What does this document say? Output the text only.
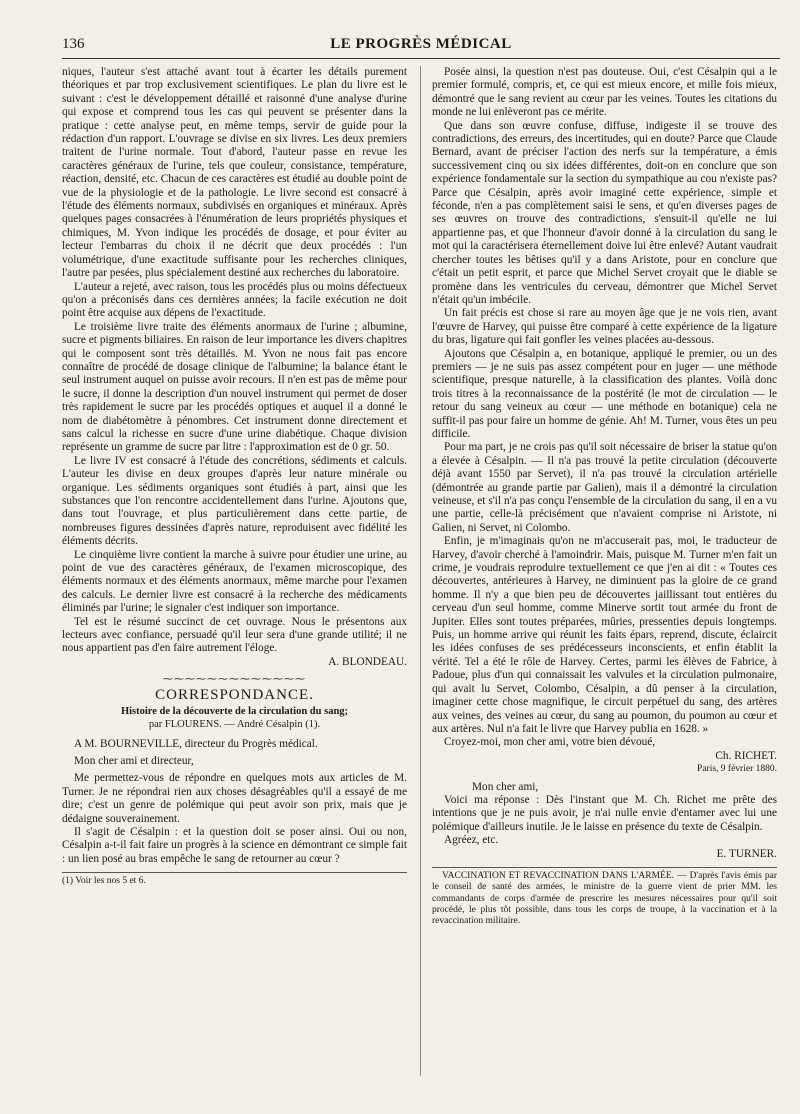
136	LE PROGRÈS MÉDICAL

niques, l'auteur s'est attaché avant tout à écarter les détails purement théoriques et par trop exclusivement scientifiques. Le plan du livre est le suivant : c'est le développement détaillé et raisonné d'une analyse d'urine qui expose et comprend tous les cas qui peuvent se présenter dans la pratique : cette analyse peut, en même temps, servir de guide pour la rédaction d'un rapport. L'ouvrage se divise en six livres. Les deux premiers traitent de l'urine normale. Tout d'abord, l'auteur passe en revue les caractères généraux de l'urine, tels que couleur, consistance, température, réaction, densité, etc. Chacun de ces caractères est étudié au double point de vue de la physiologie et de la pathologie. Le livre second est consacré à l'étude des éléments normaux, subdivisés en organiques et minéraux. Après quelques pages consacrées à l'énumération de leurs propriétés physiques et chimiques, M. Yvon indique les procédés de dosage, et pour éviter au lecteur l'embarras du choix il ne décrit que deux procédés : l'un volumétrique, d'une exactitude suffisante pour les recherches cliniques, l'autre par pesées, plus spécialement destiné aux recherches du laboratoire.

L'auteur a rejeté, avec raison, tous les procédés plus ou moins défectueux qu'on a préconisés dans ces dernières années; la facile exécution ne doit point être acquise aux dépens de l'exactitude.

Le troisième livre traite des éléments anormaux de l'urine ; albumine, sucre et pigments biliaires. En raison de leur importance les divers chapitres qui le composent sont très détaillés. M. Yvon ne nous fait pas encore connaître de procédé de dosage clinique de l'albumine; la balance étant le seul instrument auquel on puisse avoir recours. Il n'en est pas de même pour le sucre, il donne la description d'un nouvel instrument qui permet de doser très rapidement le sucre par les procédés optiques et auquel il a donné le nom de diabétomètre à pénombres. Cet instrument donne directement et sans calcul la richesse en sucre d'une urine diabétique. Chaque division représente un gramme de sucre par litre : l'approximation est de 0 gr. 50.

Le livre IV est consacré à l'étude des concrétions, sédiments et calculs. L'auteur les divise en deux groupes d'après leur nature minérale ou organique. Les sédiments organiques sont étudiés à part, ainsi que les substances que l'on rencontre accidentellement dans l'urine. Ajoutons que, dans tout l'ouvrage, et plus particulièrement dans cette partie, de nombreuses figures dessinées d'après nature, reproduisent avec fidélité les éléments décrits.

Le cinquième livre contient la marche à suivre pour étudier une urine, au point de vue des caractères généraux, de l'examen microscopique, des éléments normaux et des éléments anormaux, même marche pour l'examen des calculs. Le dernier livre est consacré à la recherche des médicaments éliminés par l'urine; le signaler c'est indiquer son importance.

Tel est le résumé succinct de cet ouvrage. Nous le présentons aux lecteurs avec confiance, persuadé qu'il leur sera d'une grande utilité; il ne nous appartient pas d'en faire autrement l'éloge.

A. BLONDEAU.

⁓⁓⁓⁓⁓⁓⁓⁓⁓⁓⁓⁓⁓
CORRESPONDANCE.
Histoire de la découverte de la circulation du sang;
par FLOURENS. — André Césalpin (1).

A M. BOURNEVILLE, directeur du Progrès médical.

Mon cher ami et directeur,

Me permettez-vous de répondre en quelques mots aux articles de M. Turner. Je ne répondrai rien aux choses désagréables qu'il a essayé de me dire; c'est un genre de polémique qui peut avoir son prix, mais que je dédaigne souverainement.

Il s'agit de Césalpin : et la question doit se poser ainsi. Oui ou non, Césalpin a-t-il fait faire un progrès à la science en démontrant ce simple fait : un lien posé au bras empêche le sang de retourner au cœur ?

(1) Voir les nos 5 et 6.

Posée ainsi, la question n'est pas douteuse. Oui, c'est Césalpin qui a le premier formulé, compris, et, ce qui est mieux encore, et mille fois mieux, démontré que le sang revient au cœur par les veines. Toutes les citations du monde ne lui enlèveront pas ce mérite.

Que dans son œuvre confuse, diffuse, indigeste il se trouve des contradictions, des erreurs, des incertitudes, qui en doute? Parce que Claude Bernard, avant de préciser l'action des nerfs sur la température, a émis successivement cinq ou six idées différentes, doit-on en conclure que son expérience fondamentale sur la section du sympathique au cou n'existe pas? Parce que Césalpin, après avoir imaginé cette expérience, simple et féconde, n'en a pas complètement saisi le sens, et qu'en diverses pages de ses œuvres on trouve des contradictions, s'ensuit-il qu'elle ne lui appartienne pas, et que l'honneur d'avoir donné à la circulation du sang le mot qui la caractérisera éternellement doive lui être enlevé? Autant vaudrait chercher toutes les bêtises qu'il y a dans Aristote, pour en conclure que c'était un petit esprit, et parce que Michel Servet croyait que le diable se promène dans les ventricules du cerveau, démontrer que Michel Servet n'était qu'un imbécile.

Un fait précis est chose si rare au moyen âge que je ne vois rien, avant l'œuvre de Harvey, qui puisse être comparé à cette expérience de la ligature du bras, ligature qui fait gonfler les veines placées au-dessous.

Ajoutons que Césalpin a, en botanique, appliqué le premier, ou un des premiers — je ne suis pas assez compétent pour en juger — une méthode scientifique, presque naturelle, à la classification des plantes. Voilà donc trois titres à la reconnaissance de la postérité (le mot de circulation — le retour du sang veineux au cœur — une méthode en botanique) cela ne suffit-il pas pour faire un homme de génie. Ah! M. Turner, vous êtes un peu difficile.

Pour ma part, je ne crois pas qu'il soit nécessaire de briser la statue qu'on a élevée à Césalpin. — Il n'a pas trouvé la petite circulation (découverte déjà avant 1550 par Servet), il n'a pas trouvé la circulation artérielle (démontrée au grande partie par Galien), mais il a démontré la circulation veineuse, et s'il n'a pas conçu l'ensemble de la circulation du sang, il en a vu une partie, celle-là précisément que n'avaient comprise ni Aristote, ni Galien, ni Servet, ni Colombo.

Enfin, je m'imaginais qu'on ne m'accuserait pas, moi, le traducteur de Harvey, d'avoir cherché à l'amoindrir. Mais, puisque M. Turner m'en fait un crime, je voudrais reproduire textuellement ce que j'en ai dit : « Toutes ces découvertes, antérieures à Harvey, ne diminuent pas la gloire de ce grand homme. Il n'y a que bien peu de découvertes jaillissant tout entières du cerveau d'un seul homme, comme Minerve sortit tout armée du front de Jupiter. Elles sont toutes préparées, mûries, pressenties depuis longtemps. Puis, un homme arrive qui réunit les faits épars, reprend, discute, éclaircit les idées confuses de ses prédécesseurs inconscients, et enfin établit la vérité. Tel a été le rôle de Harvey. Certes, parmi les élèves de Fabrice, à Padoue, plus d'un qui connaissait les valvules et la circulation pulmonaire, qui avait lu Servet, Colombo, Césalpin, a dû penser à la circulation, imaginer cette chose magnifique, le circuit perpétuel du sang, des artères aux veines, des veines au cœur, du sang au poumon, du poumon au cœur et aux artères. Nul n'a fait le livre que Harvey publia en 1628. »

Croyez-moi, mon cher ami, votre bien dévoué,

Ch. RICHET.

Paris, 9 février 1880.

Mon cher ami,

Voici ma réponse : Dès l'instant que M. Ch. Richet me prête des intentions que je ne puis avoir, je n'ai nulle envie d'entamer avec lui une polémique d'ailleurs inutile. Je le laisse en présence du texte de Césalpin.

Agréez, etc.

E. TURNER.

VACCINATION ET REVACCINATION DANS L'ARMÉE. — D'après l'avis émis par le conseil de santé des armées, le ministre de la guerre vient de prier MM. les commandants de corps d'armée de prescrire les mesures nécessaires pour qu'il soit procédé, le plus tôt possible, dans tous les corps de troupe, à la vaccination et à la revaccination militaire.
